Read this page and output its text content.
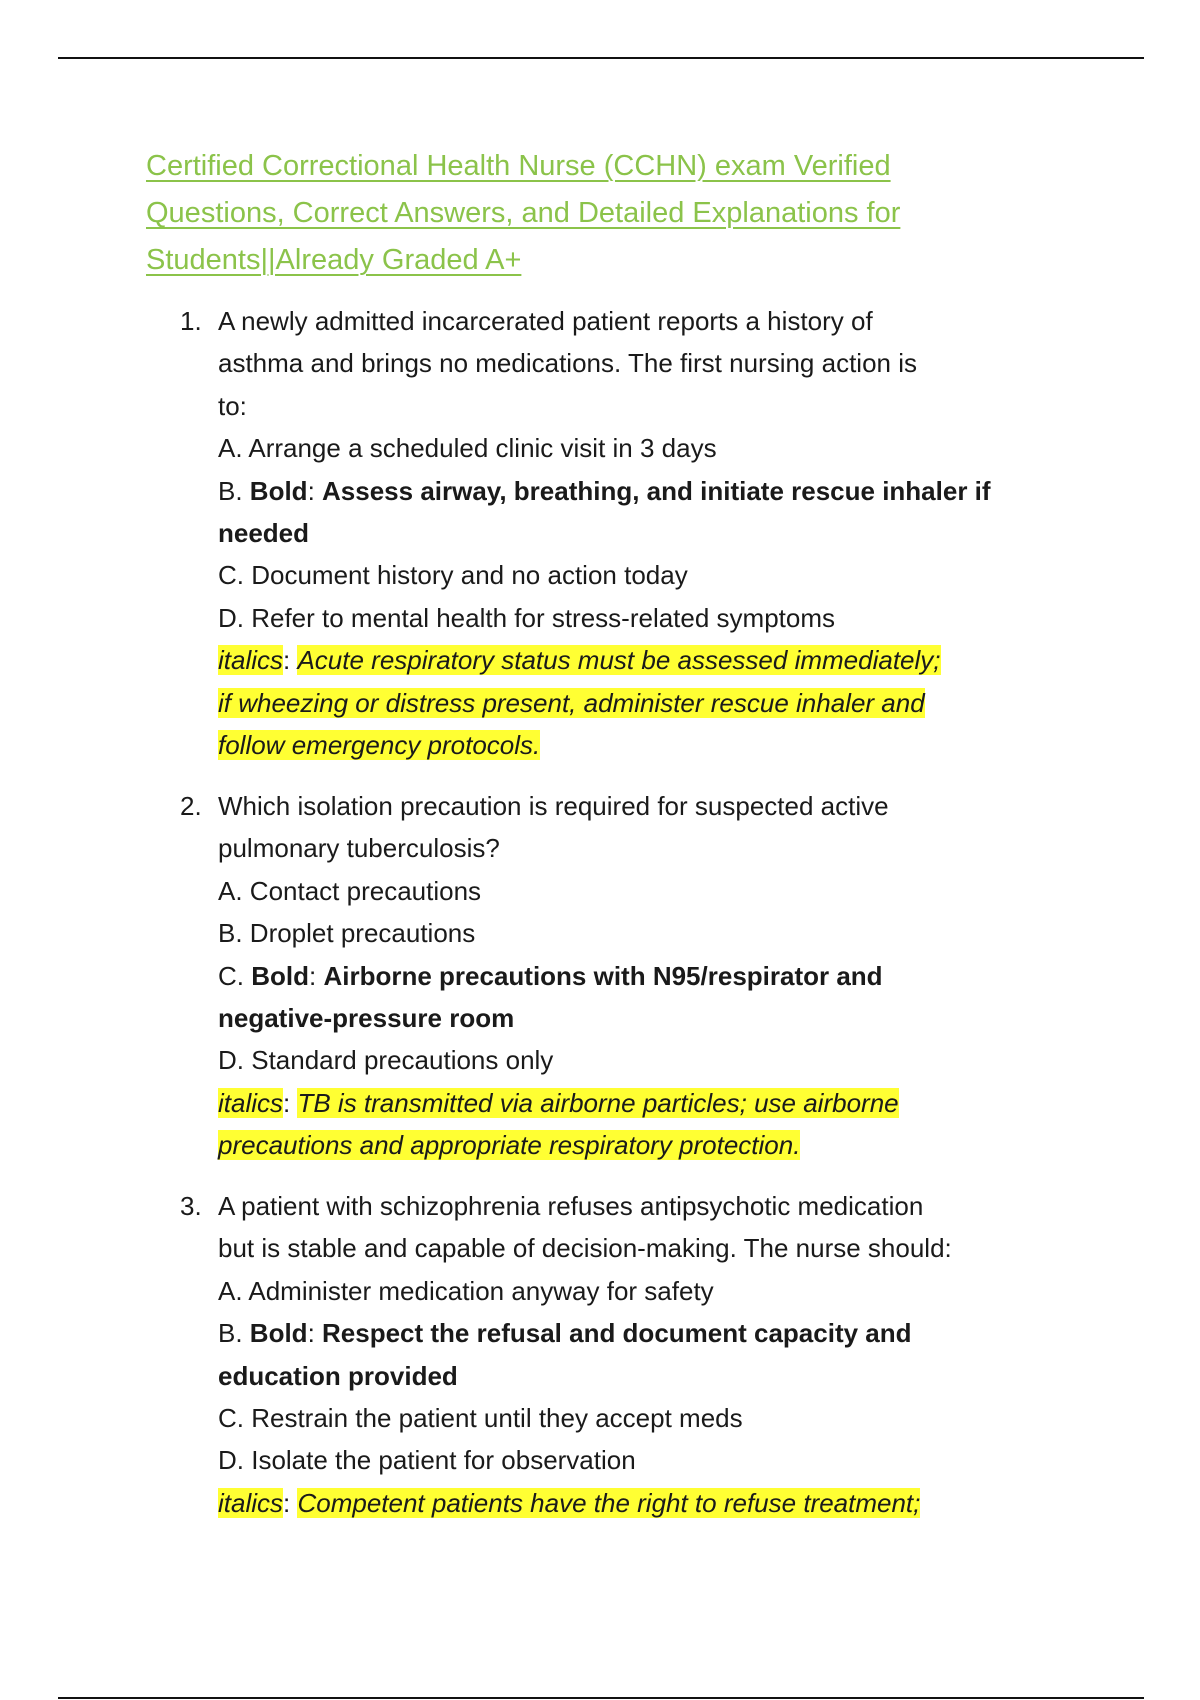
Certified Correctional Health Nurse (CCHN) exam Verified
Questions, Correct Answers, and Detailed Explanations for
Students||Already Graded A+
1. A newly admitted incarcerated patient reports a history of
asthma and brings no medications. The first nursing action is
to:
A. Arrange a scheduled clinic visit in 3 days
B. Bold: Assess airway, breathing, and initiate rescue inhaler if
needed
C. Document history and no action today
D. Refer to mental health for stress-related symptoms
italics: Acute respiratory status must be assessed immediately;
if wheezing or distress present, administer rescue inhaler and
follow emergency protocols.
2. Which isolation precaution is required for suspected active
pulmonary tuberculosis?
A. Contact precautions
B. Droplet precautions
C. Bold: Airborne precautions with N95/respirator and
negative-pressure room
D. Standard precautions only
italics: TB is transmitted via airborne particles; use airborne
precautions and appropriate respiratory protection.
3. A patient with schizophrenia refuses antipsychotic medication
but is stable and capable of decision-making. The nurse should:
A. Administer medication anyway for safety
B. Bold: Respect the refusal and document capacity and
education provided
C. Restrain the patient until they accept meds
D. Isolate the patient for observation
italics: Competent patients have the right to refuse treatment;
